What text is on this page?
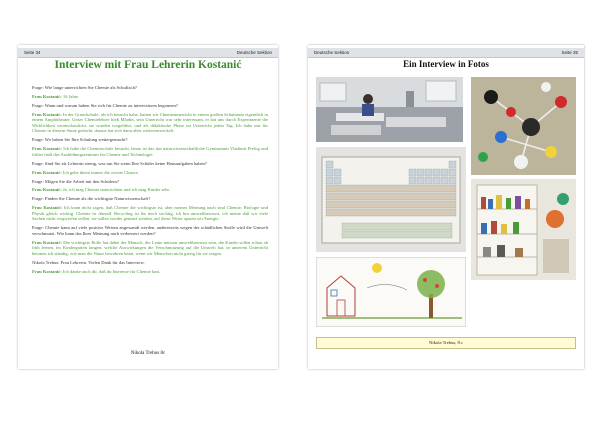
Seite 34	Deutsche Sektion
Interview mit Frau Lehrerin Kostanić

Frage: Wie lange unterrichten Sie Chemie als Schulfach?

Frau Kostanić: 16 Jahre

Frage: Wann und warum haben Sie sich für Chemie zu interessieren begonnen?

Frau Kostanić: In der Grundschule, als ich besucht habe, hatten wir Chemieunterricht in einem großen Schulraum eigentlich in einem Amphitheater. Unser Chemielehrer hieß Mladin, sein Unterricht war sehr interessant, er hat uns durch Experimente die Wirklichkeit veranschaulicht, sie wurden vorgeführt, und als didaktische Phase im Unterricht jeden Tag. Ich habe mir für Chemie in diesem Sinne gedacht, daraus hat sich dann alles weiterentwickelt.

Frage: Wo haben Sie Ihre Schulung weitergemacht?

Frau Kostanić: Ich habe die Chemieschule besucht, heute ist das das naturwissenschaftliche Gymnasium Vladimir Prelog und früher hieß das Ausbildungszentrum für Chemie und Technologie.

Frage: Sind Sie als Lehrerin streng, was tun Sie wenn Ihre Schüler keine Hausaufgaben haben?

Frau Kostanić: Ich gebe ihnen immer die zweite Chance.

Frage: Mögen Sie die Arbeit mit den Schülern?

Frau Kostanić: Ja, ich mag Chemie unterrichten und ich mag Kinder sehr.

Frage: Finden Sie Chemie als die wichtigste Naturwissenschaft?

Frau Kostanić: Ich kann nicht sagen, daß Chemie die wichtigste ist, aber meiner Meinung nach sind Chemie, Biologie und Physik gleich wichtig. Chemie ist überall. Recycling ist für mich wichtig, ich bin umweltbewusst, ich meine daß wir viele Sachen nicht wegwerfen sollen, sie sollen wieder genutzt werden, auf diese Weise sparen wir Energie.

Frage: Chemie kann auf viele positive Weisen angewandt werden, andererseits wegen der schädlichen Stoffe wird die Umwelt verschmutzt. Wie kann das Ihrer Meinung nach verbessert werden?

Frau Kostanić: Die wichtigste Rolle hat dabei der Mensch, die Leute müssen umweltbewusst sein, die Kinder sollen schon ab früh lernen, im Kindergarten fangen, welche Auswirkungen die Verschmutzung auf die Umwelt hat, in unserem Unterricht betonen ich ständig, wie man die Natur bewahren kann, wenn wir Menschen nicht gierig für sie sorgen.

Nikola Trebus: Frau Lehrerin. Vielen Dank für das Interview.

Frau Kostanić: Ich danke auch dir, daß du Interesse für Chemie hast.

Nikola Trebus 8c
Deutsche Sektion	Seite 35
Ein Interview in Fotos
Nikola Trebus, 8.c
